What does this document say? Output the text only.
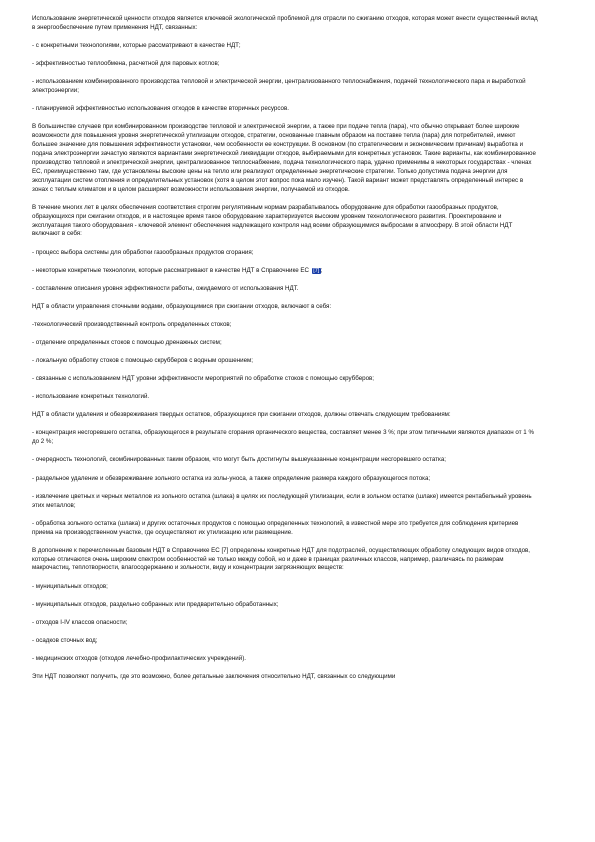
Использование энергетической ценности отходов является ключевой экологической проблемой для отрасли по сжиганию отходов, которая может внести существенный вклад в энергообеспечение путем применения НДТ, связанных:

- с конкретными технологиями, которые рассматривают в качестве НДТ;

- эффективностью теплообмена, расчетной для паровых котлов;

- использованием комбинированного производства тепловой и электрической энергии, централизованного теплоснабжения, подачей технологического пара и выработкой электроэнергии;

- планируемой эффективностью использования отходов в качестве вторичных ресурсов.

В большинстве случаев при комбинированном производстве тепловой и электрической энергии, а также при подаче тепла (пара), что обычно открывает более широкие возможности для повышения уровня энергетической утилизации отходов, стратегии, основанные главным образом на поставке тепла (пара) для потребителей, имеют большее значение для повышения эффективности установки, чем особенности ее конструкции. В основном (по стратегическим и экономическим причинам) выработка и подача электроэнергии зачастую являются вариантами энергетической ликвидации отходов, выбираемыми для конкретных установок. Такие варианты, как комбинированное производство тепловой и электрической энергии, централизованное теплоснабжение, подача технологического пара, удачно применимы в некоторых государствах - членах ЕС, преимущественно там, где установлены высокие цены на тепло или реализуют определенные энергетические стратегии. Только допустима подача энергии для эксплуатации систем отопления и определительных установок (хотя в целом этот вопрос пока мало изучен). Такой вариант может представлять определенный интерес в зонах с теплым климатом и в целом расширяет возможности использования энергии, получаемой из отходов.

В течение многих лет в целях обеспечения соответствия строгим регулятивным нормам разрабатывалось оборудование для обработки газообразных продуктов, образующихся при сжигании отходов, и в настоящее время такое оборудование характеризуется высоким уровнем технологического развития. Проектирование и эксплуатация такого оборудования - ключевой элемент обеспечения надлежащего контроля над всеми образующимися выбросами в атмосферу. В этой области НДТ включают в себя:

- процесс выбора системы для обработки газообразных продуктов сгорания;

- некоторые конкретные технологии, которые рассматривают в качестве НДТ в Справочнике ЕС [7] ;

- составление описания уровня эффективности работы, ожидаемого от использования НДТ.

НДТ в области управления сточными водами, образующимися при сжигании отходов, включают в себя:

-технологический производственный контроль определенных стоков;

- отделение определенных стоков с помощью дренажных систем;

- локальную обработку стоков с помощью скрубберов с водным орошением;

- связанные с использованием НДТ уровни эффективности мероприятий по обработке стоков с помощью скрубберов;

- использование конкретных технологий.

НДТ в области удаления и обезвреживания твердых остатков, образующихся при сжигании отходов, должны отвечать следующим требованиям:

- концентрация несгоревшего остатка, образующегося в результате сгорания органического вещества, составляет менее 3 %; при этом типичными являются диапазон от 1 % до 2 %;

- очередность технологий, скомбинированных таким образом, что могут быть достигнуты вышеуказанные концентрации несгоревшего остатка;

- раздельное удаление и обезвреживание зольного остатка из золы-уноса, а также определение размера каждого образующегося потока;

- извлечение цветных и черных металлов из зольного остатка (шлака) в целях их последующей утилизации, если в зольном остатке (шлаке) имеется рентабельный уровень этих металлов;

- обработка зольного остатка (шлака) и других остаточных продуктов с помощью определенных технологий, в известной мере это требуется для соблюдения критериев приема на производственном участке, где осуществляют их утилизацию или размещение.

В дополнение к перечисленным базовым НДТ в Справочнике ЕС [7] определены конкретные НДТ для подотраслей, осуществляющих обработку следующих видов отходов, которые отличаются очень широким спектром особенностей не только между собой, но и даже в границах различных классов, например, различаясь по размерам макрочастиц, теплотворности, влагосодержанию и зольности, виду и концентрации загрязняющих веществ:

- муниципальных отходов;

- муниципальных отходов, раздельно собранных или предварительно обработанных;

- отходов I-IV классов опасности;

- осадков сточных вод;

- медицинских отходов (отходов лечебно-профилактических учреждений).

Эти НДТ позволяют получить, где это возможно, более детальные заключения относительно НДТ, связанных со следующими
